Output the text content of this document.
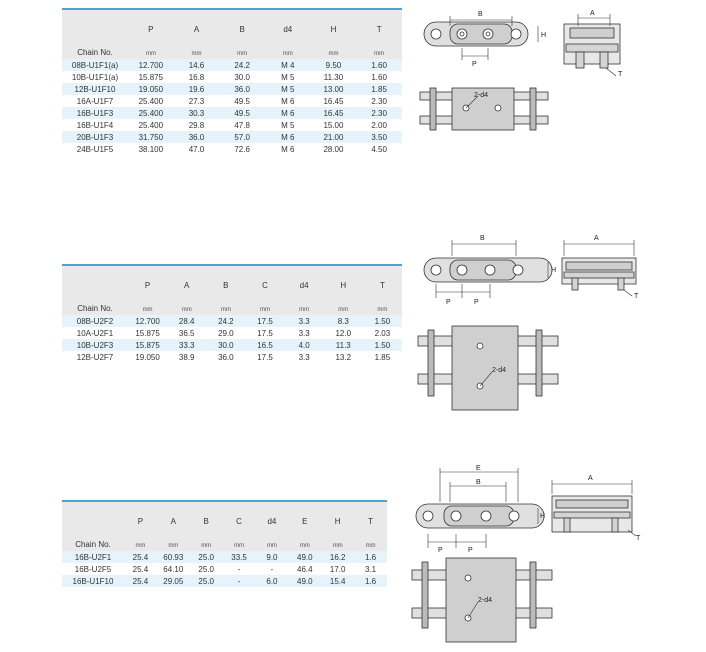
Chain No.	P	A	B	d4	H	T
	mm	mm	mm	mm	mm	mm
08B-U1F1(a)	12.700	14.6	24.2	M 4	9.50	1.60
10B-U1F1(a)	15.875	16.8	30.0	M 5	11.30	1.60
12B-U1F10	19.050	19.6	36.0	M 5	13.00	1.85
16A-U1F7	25.400	27.3	49.5	M 6	16.45	2.30
16B-U1F3	25.400	30.3	49.5	M 6	16.45	2.30
16B-U1F4	25.400	29.8	47.8	M 5	15.00	2.00
20B-U1F3	31.750	36.0	57.0	M 6	21.00	3.50
24B-U1F5	38.100	47.0	72.6	M 6	28.00	4.50
Chain No.	P	A	B	C	d4	H	T
	mm	mm	mm	mm	mm	mm	mm
08B-U2F2	12.700	28.4	24.2	17.5	3.3	8.3	1.50
10A-U2F1	15.875	36.5	29.0	17.5	3.3	12.0	2.03
10B-U2F3	15.875	33.3	30.0	16.5	4.0	11.3	1.50
12B-U2F7	19.050	38.9	36.0	17.5	3.3	13.2	1.85
Chain No.	P	A	B	C	d4	E	H	T
	mm	mm	mm	mm	mm	mm	mm	mm
16B-U2F1	25.4	60.93	25.0	33.5	9.0	49.0	16.2	1.6
16B-U2F5	25.4	64.10	25.0	-	-	46.4	17.0	3.1
16B-U1F10	25.4	29.05	25.0	-	6.0	49.0	15.4	1.6
B
P
H
A
T
2-d4
B
P	P
H
A
T
2-d4
E
B
P	P
H
A
T
2-d4
